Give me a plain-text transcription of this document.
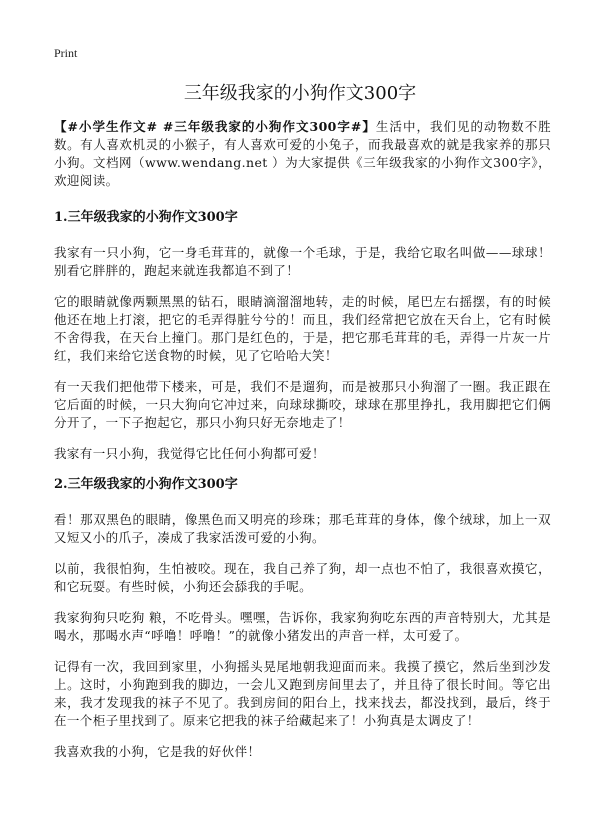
Print
三年级我家的小狗作文300字

【#小学生作文# #三年级我家的小狗作文300字#】生活中，我们见的动物数不胜数。有人喜欢机灵的小猴子，有人喜欢可爱的小兔子，而我最喜欢的就是我家养的那只小狗。文档网（www.wendang.net ）为大家提供《三年级我家的小狗作文300字》，欢迎阅读。

1.三年级我家的小狗作文300字

我家有一只小狗，它一身毛茸茸的，就像一个毛球，于是，我给它取名叫做——球球！别看它胖胖的，跑起来就连我都追不到了！

它的眼睛就像两颗黑黑的钻石，眼睛滴溜溜地转，走的时候，尾巴左右摇摆，有的时候他还在地上打滚，把它的毛弄得脏兮兮的！而且，我们经常把它放在天台上，它有时候不舍得我，在天台上撞门。那门是红色的，于是，把它那毛茸茸的毛，弄得一片灰一片红，我们来给它送食物的时候，见了它哈哈大笑！

有一天我们把他带下楼来，可是，我们不是遛狗，而是被那只小狗溜了一圈。我正跟在它后面的时候，一只大狗向它冲过来，向球球撕咬，球球在那里挣扎，我用脚把它们俩分开了，一下子抱起它，那只小狗只好无奈地走了！

我家有一只小狗，我觉得它比任何小狗都可爱！

2.三年级我家的小狗作文300字

看！那双黑色的眼睛，像黑色而又明亮的珍珠；那毛茸茸的身体，像个绒球，加上一双又短又小的爪子，凑成了我家活泼可爱的小狗。

以前，我很怕狗，生怕被咬。现在，我自己养了狗，却一点也不怕了，我很喜欢摸它，和它玩耍。有些时候，小狗还会舔我的手呢。

我家狗狗只吃狗 粮，不吃骨头。嘿嘿，告诉你，我家狗狗吃东西的声音特别大，尤其是喝水，那喝水声“呼噜！呼噜！”的就像小猪发出的声音一样，太可爱了。

记得有一次，我回到家里，小狗摇头晃尾地朝我迎面而来。我摸了摸它，然后坐到沙发上。这时，小狗跑到我的脚边，一会儿又跑到房间里去了，并且待了很长时间。等它出来，我才发现我的袜子不见了。我到房间的阳台上，找来找去，都没找到，最后，终于在一个柜子里找到了。原来它把我的袜子给藏起来了！小狗真是太调皮了！

我喜欢我的小狗，它是我的好伙伴！
